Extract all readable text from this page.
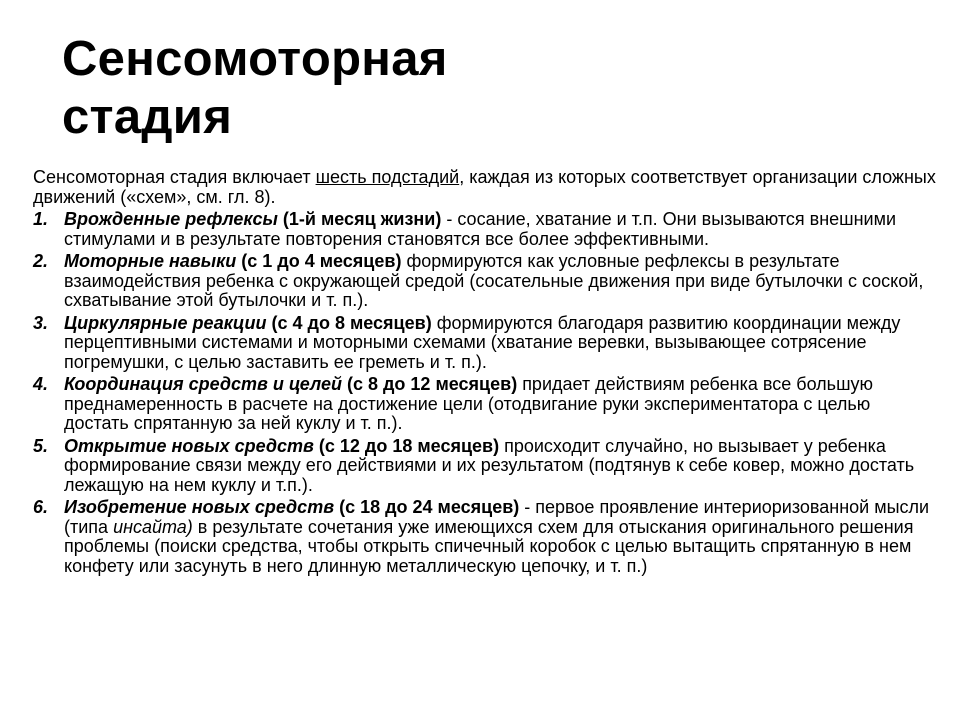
Сенсомоторная
стадия

Сенсомоторная стадия включает шесть подстадий, каждая из которых соответствует организации сложных движений («схем», см. гл. 8).

1. Врожденные рефлексы (1-й месяц жизни) - сосание, хватание и т.п. Они вызываются внешними стимулами и в результате повторения становятся все более эффективными.
2. Моторные навыки (с 1 до 4 месяцев) формируются как условные рефлексы в результате взаимодействия ребенка с окружающей средой (сосательные движения при виде бутылочки с соской, схватывание этой бутылочки и т. п.).
3. Циркулярные реакции (с 4 до 8 месяцев) формируются благодаря развитию координации между перцептивными системами и моторными схемами (хватание веревки, вызывающее сотрясение погремушки, с целью заставить ее греметь и т. п.).
4. Координация средств и целей (с 8 до 12 месяцев) придает действиям ребенка все большую преднамеренность в расчете на достижение цели (отодвигание руки экспериментатора с целью достать спрятанную за ней куклу и т. п.).
5. Открытие новых средств (с 12 до 18 месяцев) происходит случайно, но вызывает у ребенка формирование связи между его действиями и их результатом (подтянув к себе ковер, можно достать лежащую на нем куклу и т.п.).
6. Изобретение новых средств (с 18 до 24 месяцев) - первое проявление интериоризованной мысли (типа инсайта) в результате сочетания уже имеющихся схем для отыскания оригинального решения проблемы (поиски средства, чтобы открыть спичечный коробок с целью вытащить спрятанную в нем конфету или засунуть в него длинную металлическую цепочку, и т. п.)
